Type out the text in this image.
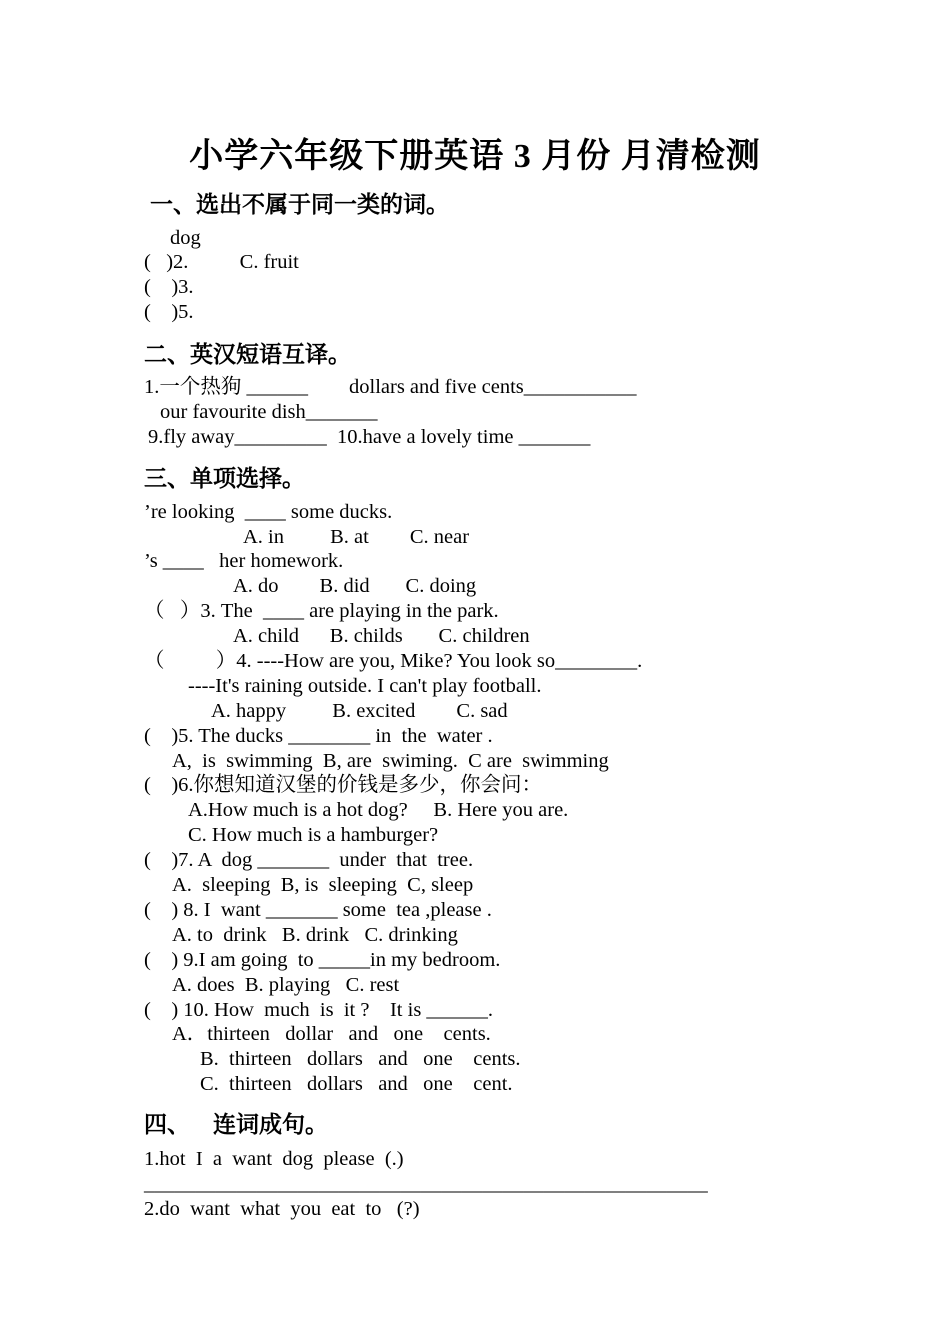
小学六年级下册英语 3 月份 月清检测
一、选出不属于同一类的词。
dog
(   )2.          C. fruit
(    )3.
(    )5.
二、英汉短语互译。
1.一个热狗 ______        dollars and five cents___________
our favourite dish_______
9.fly away_________  10.have a lovely time _______
三、单项选择。
’re looking  ____ some ducks.
A. in         B. at        C. near
’s ____   her homework.
A. do        B. did       C. doing
（   ）3. The  ____ are playing in the park.
A. child      B. childs       C. children
（          ）4. ----How are you, Mike? You look so________.
----It's raining outside. I can't play football.
A. happy         B. excited        C. sad
(    )5. The ducks ________ in  the  water .
A,  is  swimming  B, are  swiming.  C are  swimming
(    )6.你想知道汉堡的价钱是多少，你会问：
A.How much is a hot dog?     B. Here you are.
C. How much is a hamburger?
(    )7. A  dog _______  under  that  tree.
A.  sleeping  B, is  sleeping  C, sleep
(    ) 8. I  want _______ some  tea ,please .
A. to  drink   B. drink   C. drinking
(    ) 9.I am going  to _____in my bedroom.
A. does  B. playing   C. rest
(    ) 10. How  much  is  it ?    It is ______.
A．thirteen   dollar   and   one    cents.
B.  thirteen   dollars   and   one    cents.
C.  thirteen   dollars   and   one    cent.
四、    连词成句。
1.hot  I  a  want  dog  please  (.)
_______________________________________________________
2.do  want  what  you  eat  to   (?)
